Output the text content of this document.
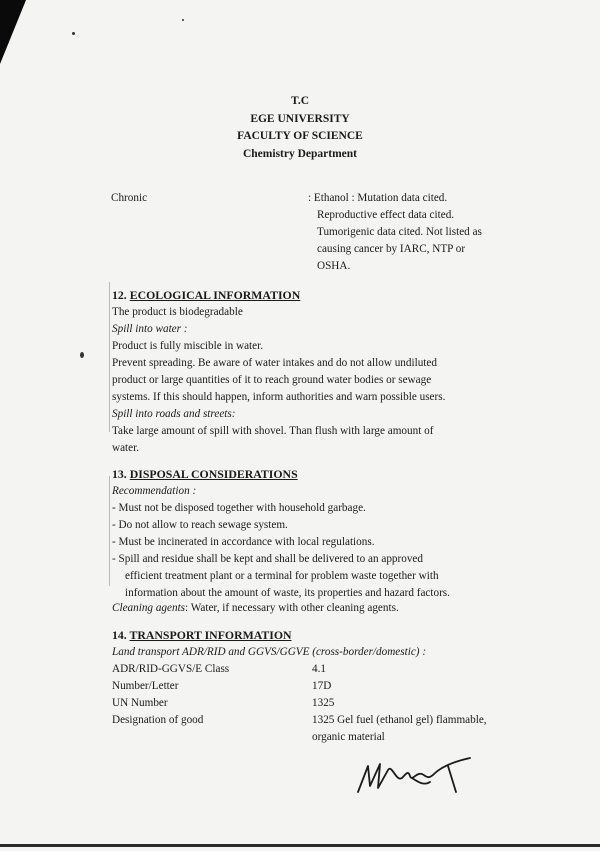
T.C
EGE UNIVERSITY
FACULTY OF SCIENCE
Chemistry Department
Chronic	: Ethanol : Mutation data cited.
Reproductive effect data cited.
Tumorigenic data cited. Not listed as
causing cancer by IARC, NTP or
OSHA.
12. ECOLOGICAL INFORMATION
The product is biodegradable
Spill into water :
Product is fully miscible in water.
Prevent spreading. Be aware of water intakes and do not allow undiluted
product or large quantities of it to reach ground water bodies or sewage
systems. If this should happen, inform authorities and warn possible users.
Spill into roads and streets:
Take large amount of spill with shovel. Than flush with large amount of
water.
13. DISPOSAL CONSIDERATIONS
Recommendation :
- Must not be disposed together with household garbage.
- Do not allow to reach sewage system.
- Must be incinerated in accordance with local regulations.
- Spill and residue shall be kept and shall be delivered to an approved
efficient treatment plant or a terminal for problem waste together with
information about the amount of waste, its properties and hazard factors.
Cleaning agents: Water, if necessary with other cleaning agents.
14. TRANSPORT INFORMATION
Land transport ADR/RID and GGVS/GGVE (cross-border/domestic) :
ADR/RID-GGVS/E Class	4.1
Number/Letter	17D
UN Number	1325
Designation of good	1325 Gel fuel (ethanol gel) flammable,
organic material
